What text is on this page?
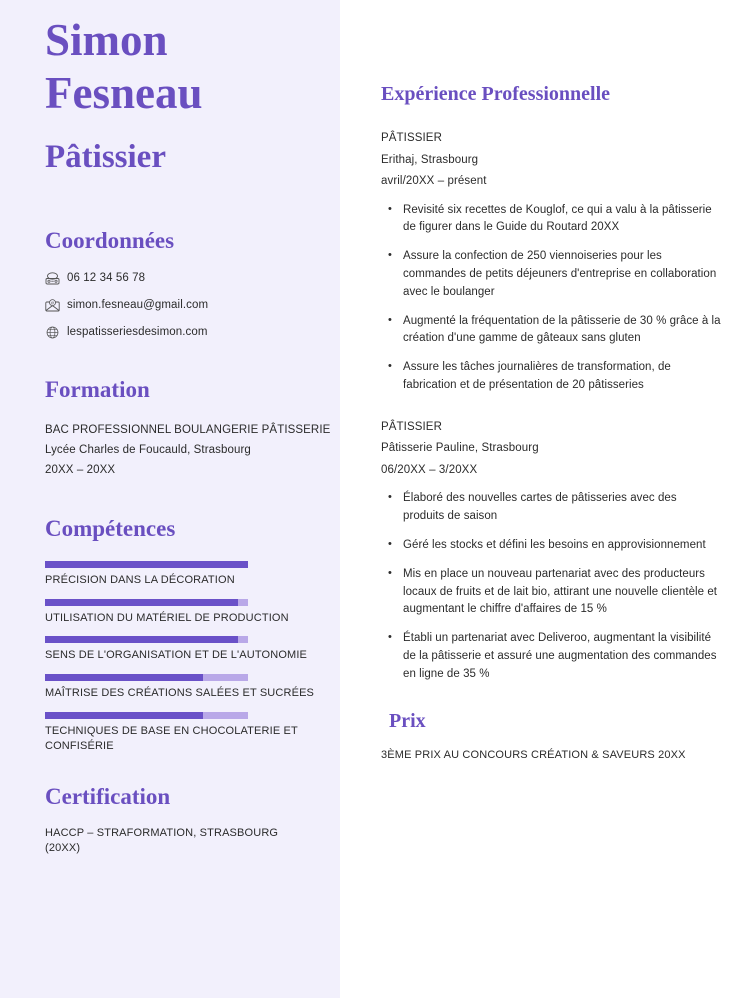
Simon
Fesneau
Pâtissier
Coordonnées
06 12 34 56 78
@ simon.fesneau@gmail.com
lespatisseriesdesimon.com
Formation
BAC PROFESSIONNEL BOULANGERIE PÂTISSERIE
Lycée Charles de Foucauld, Strasbourg
20XX – 20XX
Compétences
PRÉCISION DANS LA DÉCORATION
UTILISATION DU MATÉRIEL DE PRODUCTION
SENS DE L'ORGANISATION ET DE L'AUTONOMIE
MAÎTRISE DES CRÉATIONS SALÉES ET SUCRÉES
TECHNIQUES DE BASE EN CHOCOLATERIE ET CONFISÉRIE
Certification
HACCP – STRAFORMATION, STRASBOURG
(20XX)
Expérience Professionnelle
PÂTISSIER
Erithaj, Strasbourg
avril/20XX – présent
• Revisité six recettes de Kouglof, ce qui a valu à la pâtisserie de figurer dans le Guide du Routard 20XX
• Assure la confection de 250 viennoiseries pour les commandes de petits déjeuners d'entreprise en collaboration avec le boulanger
• Augmenté la fréquentation de la pâtisserie de 30 % grâce à la création d'une gamme de gâteaux sans gluten
• Assure les tâches journalières de transformation, de fabrication et de présentation de 20 pâtisseries
PÂTISSIER
Pâtisserie Pauline, Strasbourg
06/20XX – 3/20XX
• Élaboré des nouvelles cartes de pâtisseries avec des produits de saison
• Géré les stocks et défini les besoins en approvisionnement
• Mis en place un nouveau partenariat avec des producteurs locaux de fruits et de lait bio, attirant une nouvelle clientèle et augmentant le chiffre d'affaires de 15 %
• Établi un partenariat avec Deliveroo, augmentant la visibilité de la pâtisserie et assuré une augmentation des commandes en ligne de 35 %
Prix
3ÈME PRIX AU CONCOURS CRÉATION & SAVEURS 20XX
